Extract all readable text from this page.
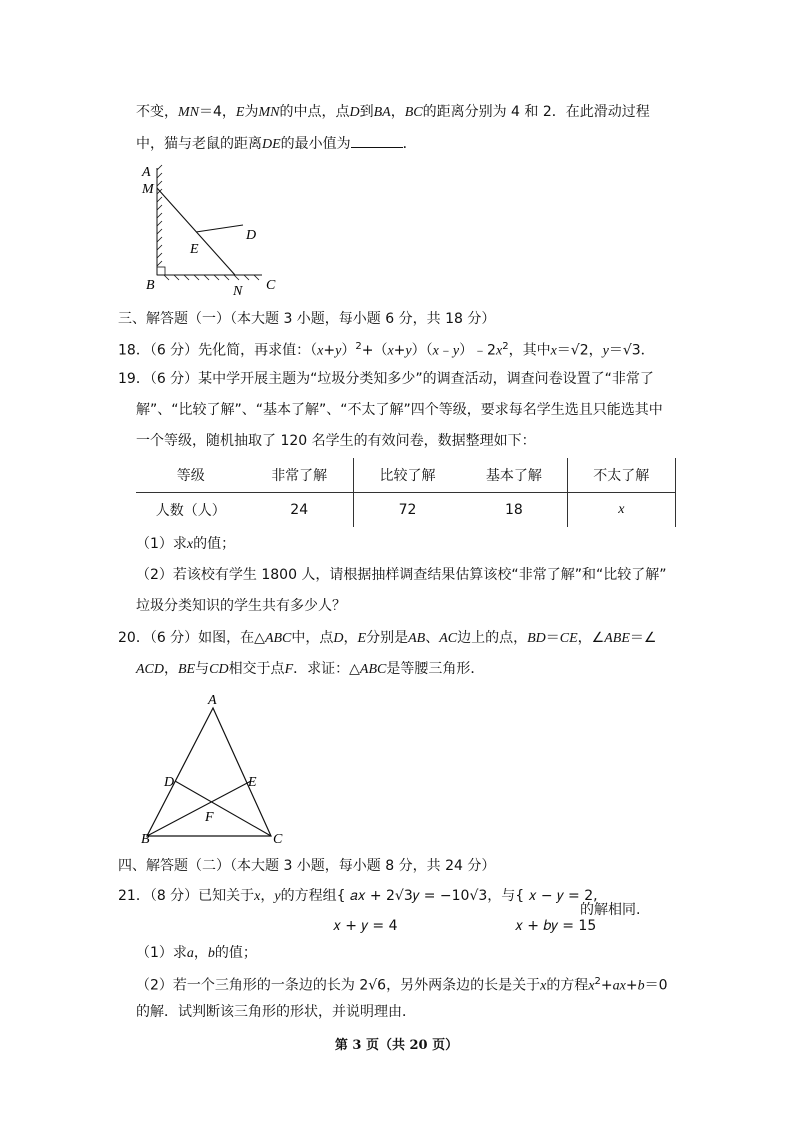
不变，MN＝4，E为MN的中点，点D到BA，BC的距离分别为 4 和 2．在此滑动过程
中，猫与老鼠的距离DE的最小值为	．
A
M
E
D
B	N C
三、解答题（一）（本大题 3 小题，每小题 6 分，共 18 分）
18．（6 分）先化简，再求值：$(x+y)^2+(x+y)(x﹣y)﹣2x^2$，其中x＝√2，y＝√3．
19．（6 分）某中学开展主题为“垃圾分类知多少”的调查活动，调查问卷设置了“非常了
解”、“比较了解”、“基本了解”、“不太了解”四个等级，要求每名学生选且只能选其中
一个等级，随机抽取了 120 名学生的有效问卷，数据整理如下：
等级	非常了解	比较了解	基本了解	不太了解
人数（人）	24	72	18	x
（1）求x的值；
（2）若该校有学生 1800 人，请根据抽样调查结果估算该校“非常了解”和“比较了解”
垃圾分类知识的学生共有多少人？
20．（6 分）如图，在△ABC中，点D，E分别是AB、AC边上的点，BD＝CE，∠ABE＝∠
ACD，BE与CD相交于点F．求证：△ABC是等腰三角形．
A
D	E
F
B	C
四、解答题（二）（本大题 3 小题，每小题 8 分，共 24 分）
21．（8 分）已知关于x，y的方程组{ 𝑎𝑥 + 2√3𝑦 = −10√3，与{ 𝑥 − 𝑦 = 2,
的解相同.
𝑥 + 𝑦 = 4	𝑥 + 𝑏𝑦 = 15
（1）求a，b的值；
（2）若一个三角形的一条边的长为 2√6，另外两条边的长是关于x的方程$x^2+ax+b=0$
的解．试判断该三角形的形状，并说明理由．
第 3 页（共 20 页）
